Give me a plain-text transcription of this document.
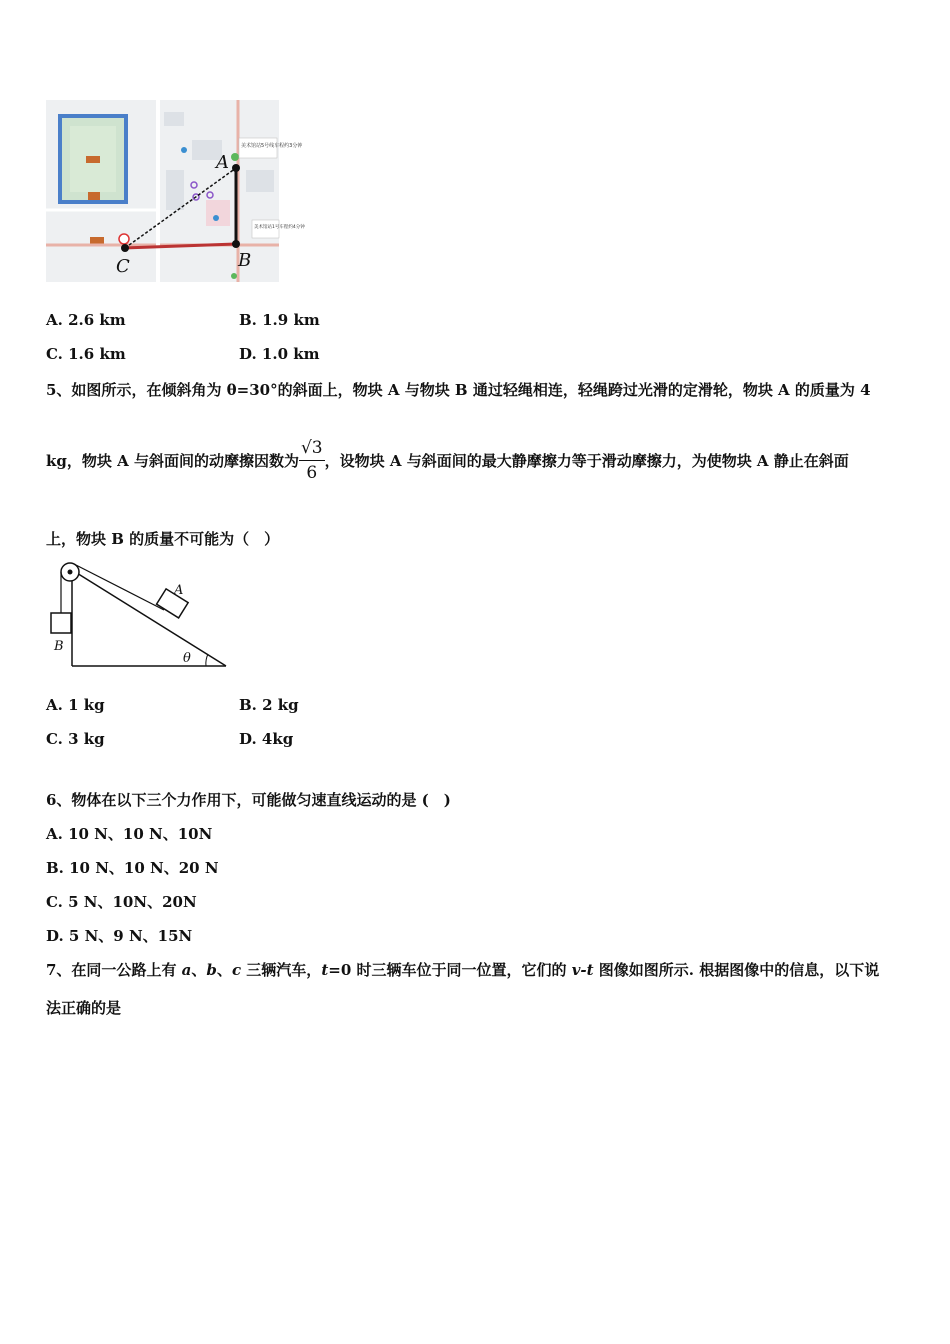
美术馆站5号线车程约3分钟
美术馆站1号车程约4分钟
A
B
C
A. 2.6 km	B. 1.9 km
C. 1.6 km	D. 1.0 km
5、如图所示，在倾斜角为 θ=30°的斜面上，物块 A 与物块 B 通过轻绳相连，轻绳跨过光滑的定滑轮，物块 A 的质量为 4
kg，物块 A 与斜面间的动摩擦因数为 $\frac{√3}{6}$ ，设物块 A 与斜面间的最大静摩擦力等于滑动摩擦力，为使物块 A 静止在斜面
上，物块 B 的质量不可能为（　）
A
B
θ
A. 1 kg	B. 2 kg
C. 3 kg	D. 4kg
6、物体在以下三个力作用下，可能做匀速直线运动的是 (　)
A. 10 N、10 N、10N
B. 10 N、10 N、20 N
C. 5 N、10N、20N
D. 5 N、9 N、15N
7、在同一公路上有 a、b、c 三辆汽车，t=0 时三辆车位于同一位置，它们的 v-t 图像如图所示. 根据图像中的信息，以下说
法正确的是
